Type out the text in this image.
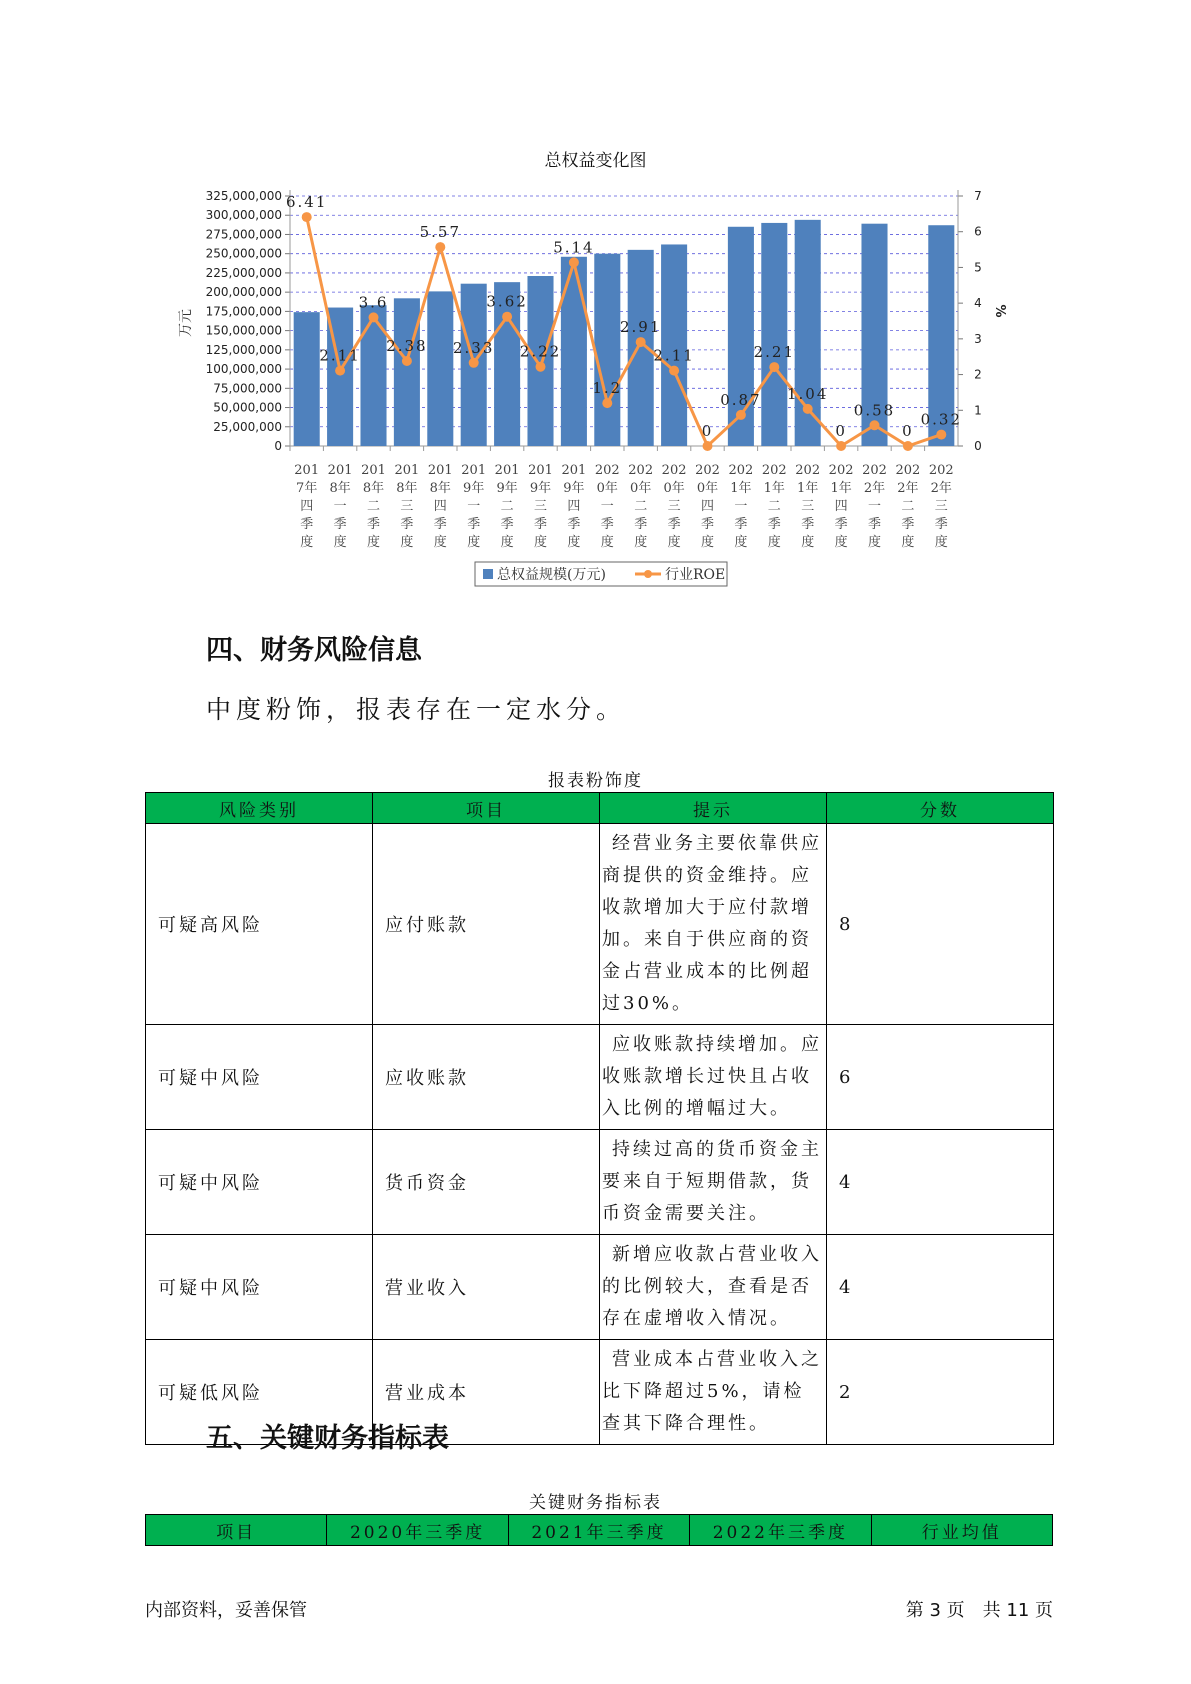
总权益变化图
325,000,000
300,000,000
275,000,000
250,000,000
225,000,000
200,000,000
175,000,000
150,000,000
125,000,000
100,000,000
75,000,000
50,000,000
25,000,000
0
7
6
5
4
3
2
1
0
万元	%
201
7年
四
季
度
201
8年
一
季
度
201
8年
二
季
度
201
8年
三
季
度
201
8年
四
季
度
201
9年
一
季
度
201
9年
二
季
度
201
9年
三
季
度
201
9年
四
季
度
202
0年
一
季
度
202
0年
二
季
度
202
0年
三
季
度
202
0年
四
季
度
202
1年
一
季
度
202
1年
二
季
度
202
1年
三
季
度
202
1年
四
季
度
202
2年
一
季
度
202
2年
二
季
度
202
2年
三
季
度
6.41
2.11
3.6
2.38
5.57
2.33
3.62
2.22
5.14
1.2
2.91
2.11
0
0.87
2.21
1.04
0
0.58
0
0.32
总权益规模(万元)	行业ROE
四、财务风险信息

中度粉饰，报表存在一定水分。

报表粉饰度
风险类别	项目	提示	分数
可疑高风险	应付账款	经营业务主要依靠供应商提供的资金维持。应收款增加大于应付款增加。来自于供应商的资金占营业成本的比例超过30%。	8
可疑中风险	应收账款	应收账款持续增加。应收账款增长过快且占收入比例的增幅过大。	6
可疑中风险	货币资金	持续过高的货币资金主要来自于短期借款，货币资金需要关注。	4
可疑中风险	营业收入	新增应收款占营业收入的比例较大，查看是否存在虚增收入情况。	4
可疑低风险	营业成本	营业成本占营业收入之比下降超过5%，请检查其下降合理性。	2
五、关键财务指标表
关键财务指标表
项目	2020年三季度	2021年三季度	2022年三季度	行业均值
内部资料，妥善保管	第 3 页　共 11 页
